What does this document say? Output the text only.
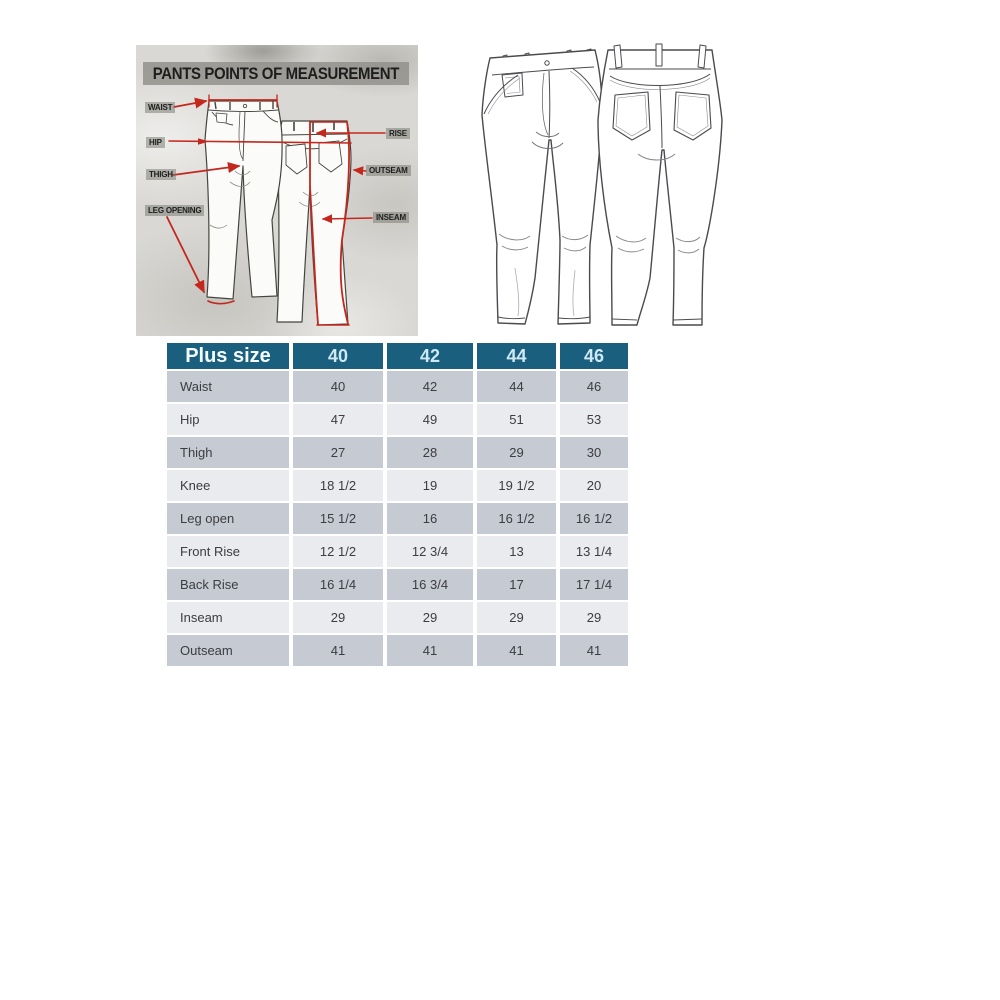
PANTS POINTS OF MEASUREMENT
WAIST
HIP
THIGH
LEG OPENING
RISE
OUTSEAM
INSEAM
Plus size	40	42	44	46
Waist	40	42	44	46
Hip	47	49	51	53
Thigh	27	28	29	30
Knee	18 1/2	19	19 1/2	20
Leg open	15 1/2	16	16 1/2	16 1/2
Front Rise	12 1/2	12 3/4	13	13 1/4
Back Rise	16 1/4	16 3/4	17	17 1/4
Inseam	29	29	29	29
Outseam	41	41	41	41
